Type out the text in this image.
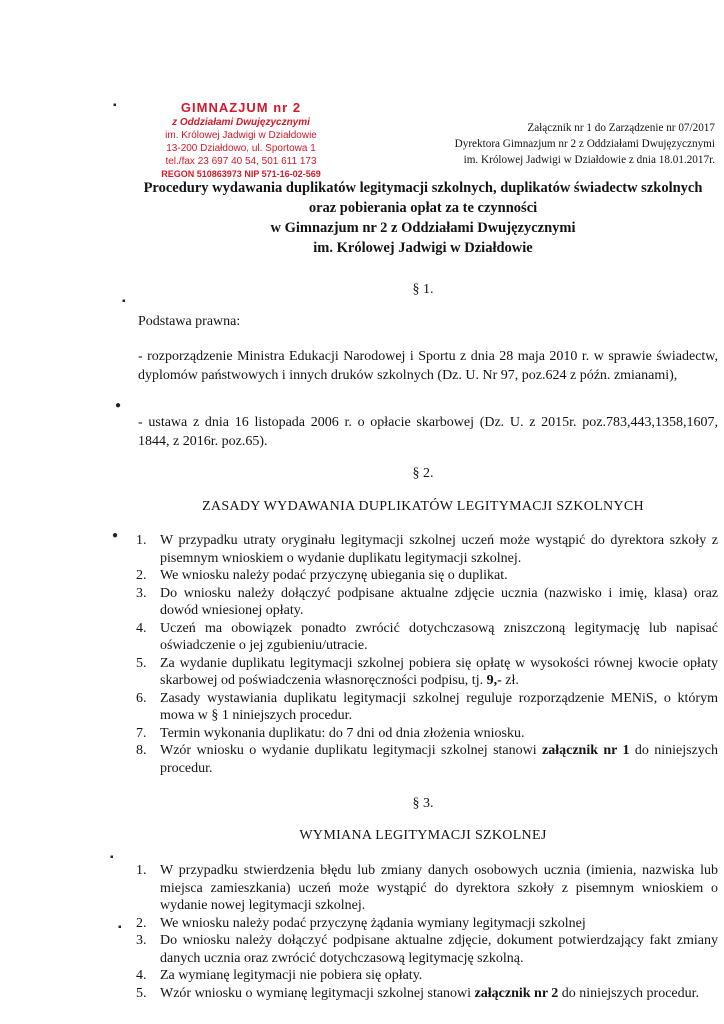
GIMNAZJUM nr 2
z Oddziałami Dwujęzycznymi
im. Królowej Jadwigi w Działdowie
13-200 Działdowo, ul. Sportowa 1
tel./fax 23 697 40 54, 501 611 173
REGON 510863973 NIP 571-16-02-569
Załącznik nr 1 do Zarządzenie nr 07/2017
Dyrektora Gimnazjum nr 2 z Oddziałami Dwujęzycznymi
im. Królowej Jadwigi w Działdowie z dnia 18.01.2017r.
Procedury wydawania duplikatów legitymacji szkolnych, duplikatów świadectw szkolnych
oraz pobierania opłat za te czynności
w Gimnazjum nr 2 z Oddziałami Dwujęzycznymi
im. Królowej Jadwigi w Działdowie
§ 1.
Podstawa prawna:
- rozporządzenie Ministra Edukacji Narodowej i Sportu z dnia 28 maja 2010 r. w sprawie świadectw, dyplomów państwowych i innych druków szkolnych (Dz. U. Nr 97, poz.624 z późn. zmianami),
- ustawa z dnia 16 listopada 2006 r. o opłacie skarbowej (Dz. U. z 2015r. poz.783,443,1358,1607, 1844, z 2016r. poz.65).
§ 2.
ZASADY WYDAWANIA DUPLIKATÓW LEGITYMACJI SZKOLNYCH
1. W przypadku utraty oryginału legitymacji szkolnej uczeń może wystąpić do dyrektora szkoły z pisemnym wnioskiem o wydanie duplikatu legitymacji szkolnej.
2. We wniosku należy podać przyczynę ubiegania się o duplikat.
3. Do wniosku należy dołączyć podpisane aktualne zdjęcie ucznia (nazwisko i imię, klasa) oraz dowód wniesionej opłaty.
4. Uczeń ma obowiązek ponadto zwrócić dotychczasową zniszczoną legitymację lub napisać oświadczenie o jej zgubieniu/utracie.
5. Za wydanie duplikatu legitymacji szkolnej pobiera się opłatę w wysokości równej kwocie opłaty skarbowej od poświadczenia własnoręczności podpisu, tj. 9,- zł.
6. Zasady wystawiania duplikatu legitymacji szkolnej reguluje rozporządzenie MENiS, o którym mowa w § 1 niniejszych procedur.
7. Termin wykonania duplikatu: do 7 dni od dnia złożenia wniosku.
8. Wzór wniosku o wydanie duplikatu legitymacji szkolnej stanowi załącznik nr 1 do niniejszych procedur.
§ 3.
WYMIANA LEGITYMACJI SZKOLNEJ
1. W przypadku stwierdzenia błędu lub zmiany danych osobowych ucznia (imienia, nazwiska lub miejsca zamieszkania) uczeń może wystąpić do dyrektora szkoły z pisemnym wnioskiem o wydanie nowej legitymacji szkolnej.
2. We wniosku należy podać przyczynę żądania wymiany legitymacji szkolnej
3. Do wniosku należy dołączyć podpisane aktualne zdjęcie, dokument potwierdzający fakt zmiany danych ucznia oraz zwrócić dotychczasową legitymację szkolną.
4. Za wymianę legitymacji nie pobiera się opłaty.
5. Wzór wniosku o wymianę legitymacji szkolnej stanowi załącznik nr 2 do niniejszych procedur.
▪
▪
●
●
▪
▪
